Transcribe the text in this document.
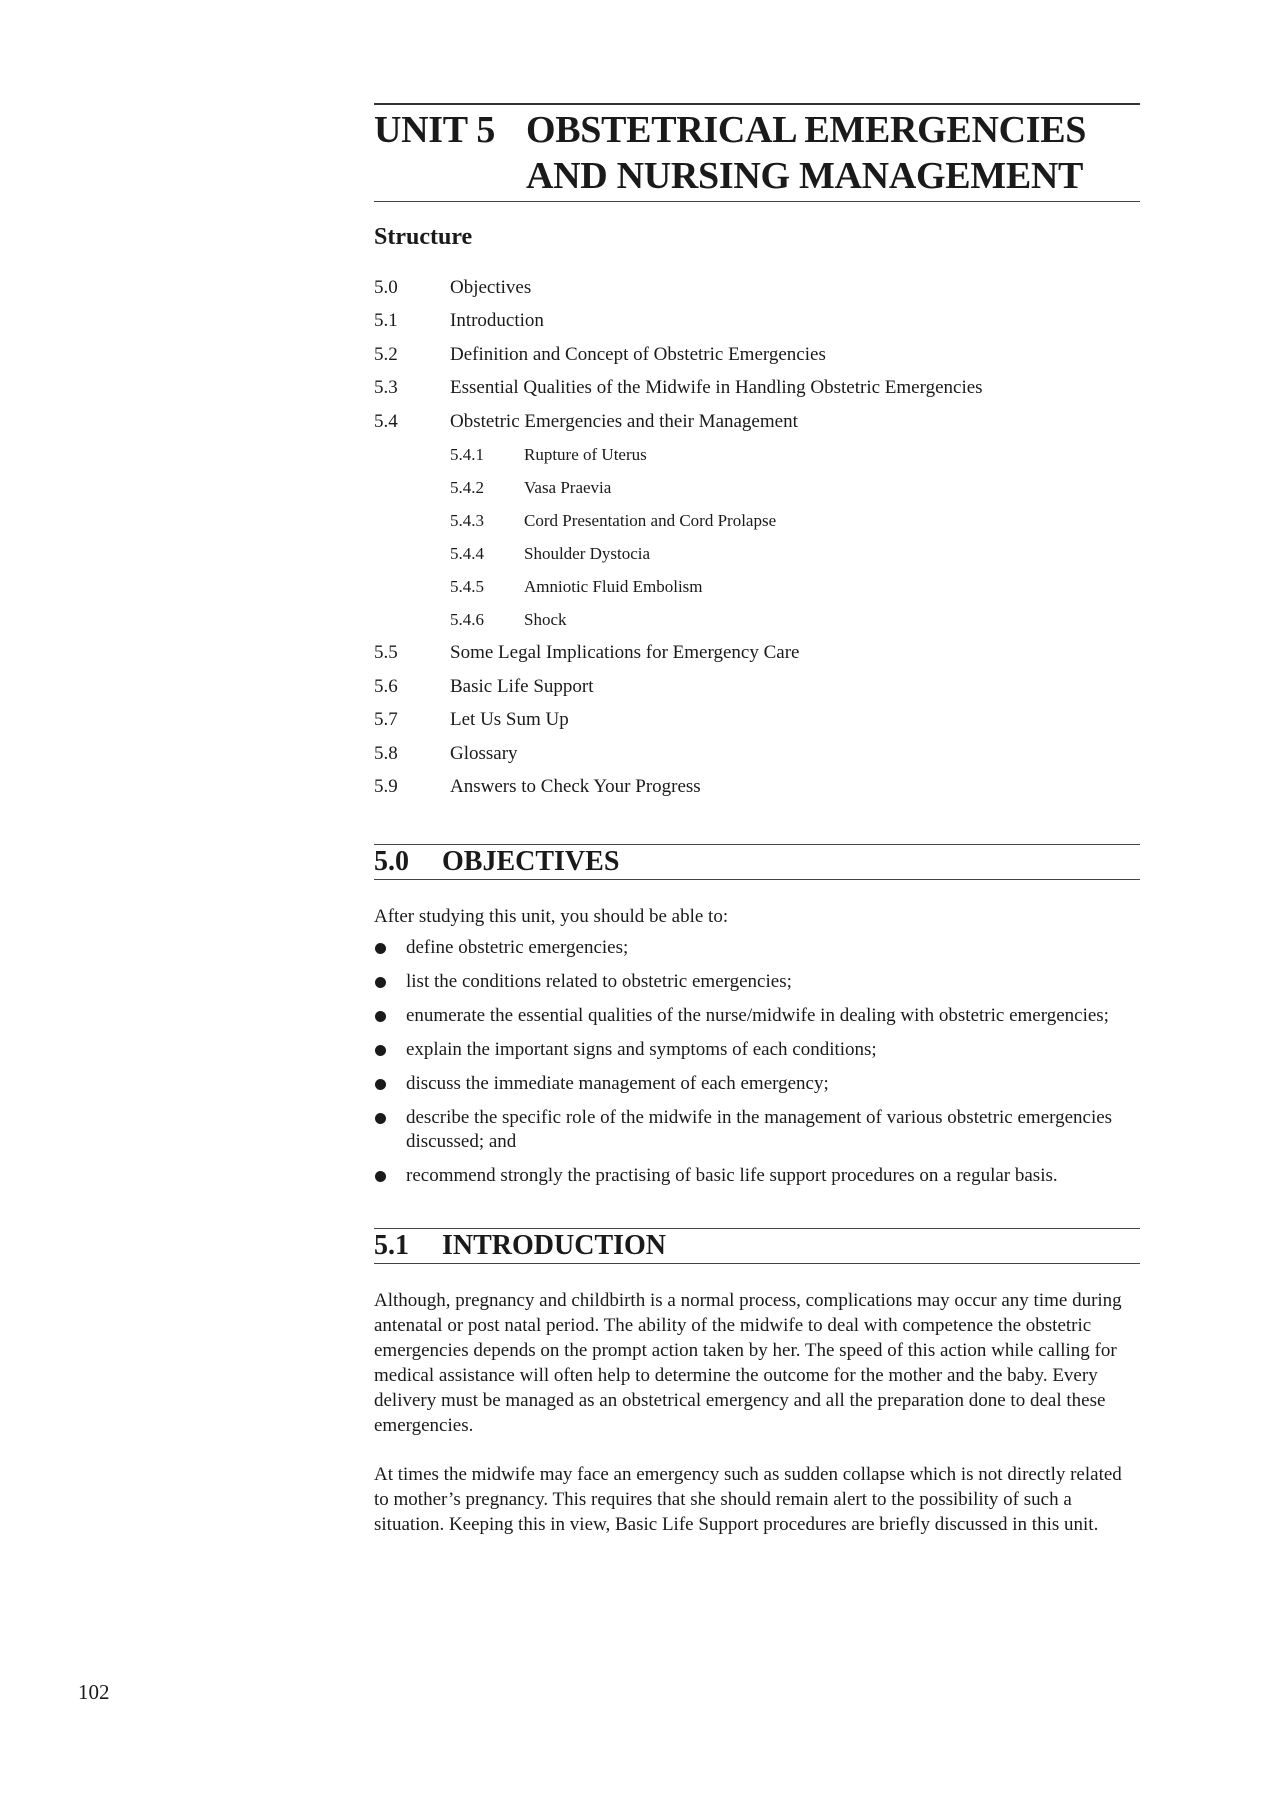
UNIT 5 OBSTETRICAL EMERGENCIES
AND NURSING MANAGEMENT
Structure
5.0	Objectives
5.1	Introduction
5.2	Definition and Concept of Obstetric Emergencies
5.3	Essential Qualities of the Midwife in Handling Obstetric Emergencies
5.4	Obstetric Emergencies and their Management
5.4.1	Rupture of Uterus
5.4.2	Vasa Praevia
5.4.3	Cord Presentation and Cord Prolapse
5.4.4	Shoulder Dystocia
5.4.5	Amniotic Fluid Embolism
5.4.6	Shock
5.5	Some Legal Implications for Emergency Care
5.6	Basic Life Support
5.7	Let Us Sum Up
5.8	Glossary
5.9	Answers to Check Your Progress
5.0	OBJECTIVES
After studying this unit, you should be able to:
define obstetric emergencies;
list the conditions related to obstetric emergencies;
enumerate the essential qualities of the nurse/midwife in dealing with obstetric emergencies;
explain the important signs and symptoms of each conditions;
discuss the immediate management of each emergency;
describe the specific role of the midwife in the management of various obstetric emergencies discussed; and
recommend strongly the practising of basic life support procedures on a regular basis.
5.1	INTRODUCTION
Although, pregnancy and childbirth is a normal process, complications may occur any time during antenatal or post natal period. The ability of the midwife to deal with competence the obstetric emergencies depends on the prompt action taken by her. The speed of this action while calling for medical assistance will often help to determine the outcome for the mother and the baby. Every delivery must be managed as an obstetrical emergency and all the preparation done to deal these emergencies.
At times the midwife may face an emergency such as sudden collapse which is not directly related to mother’s pregnancy. This requires that she should remain alert to the possibility of such a situation. Keeping this in view, Basic Life Support procedures are briefly discussed in this unit.
102
